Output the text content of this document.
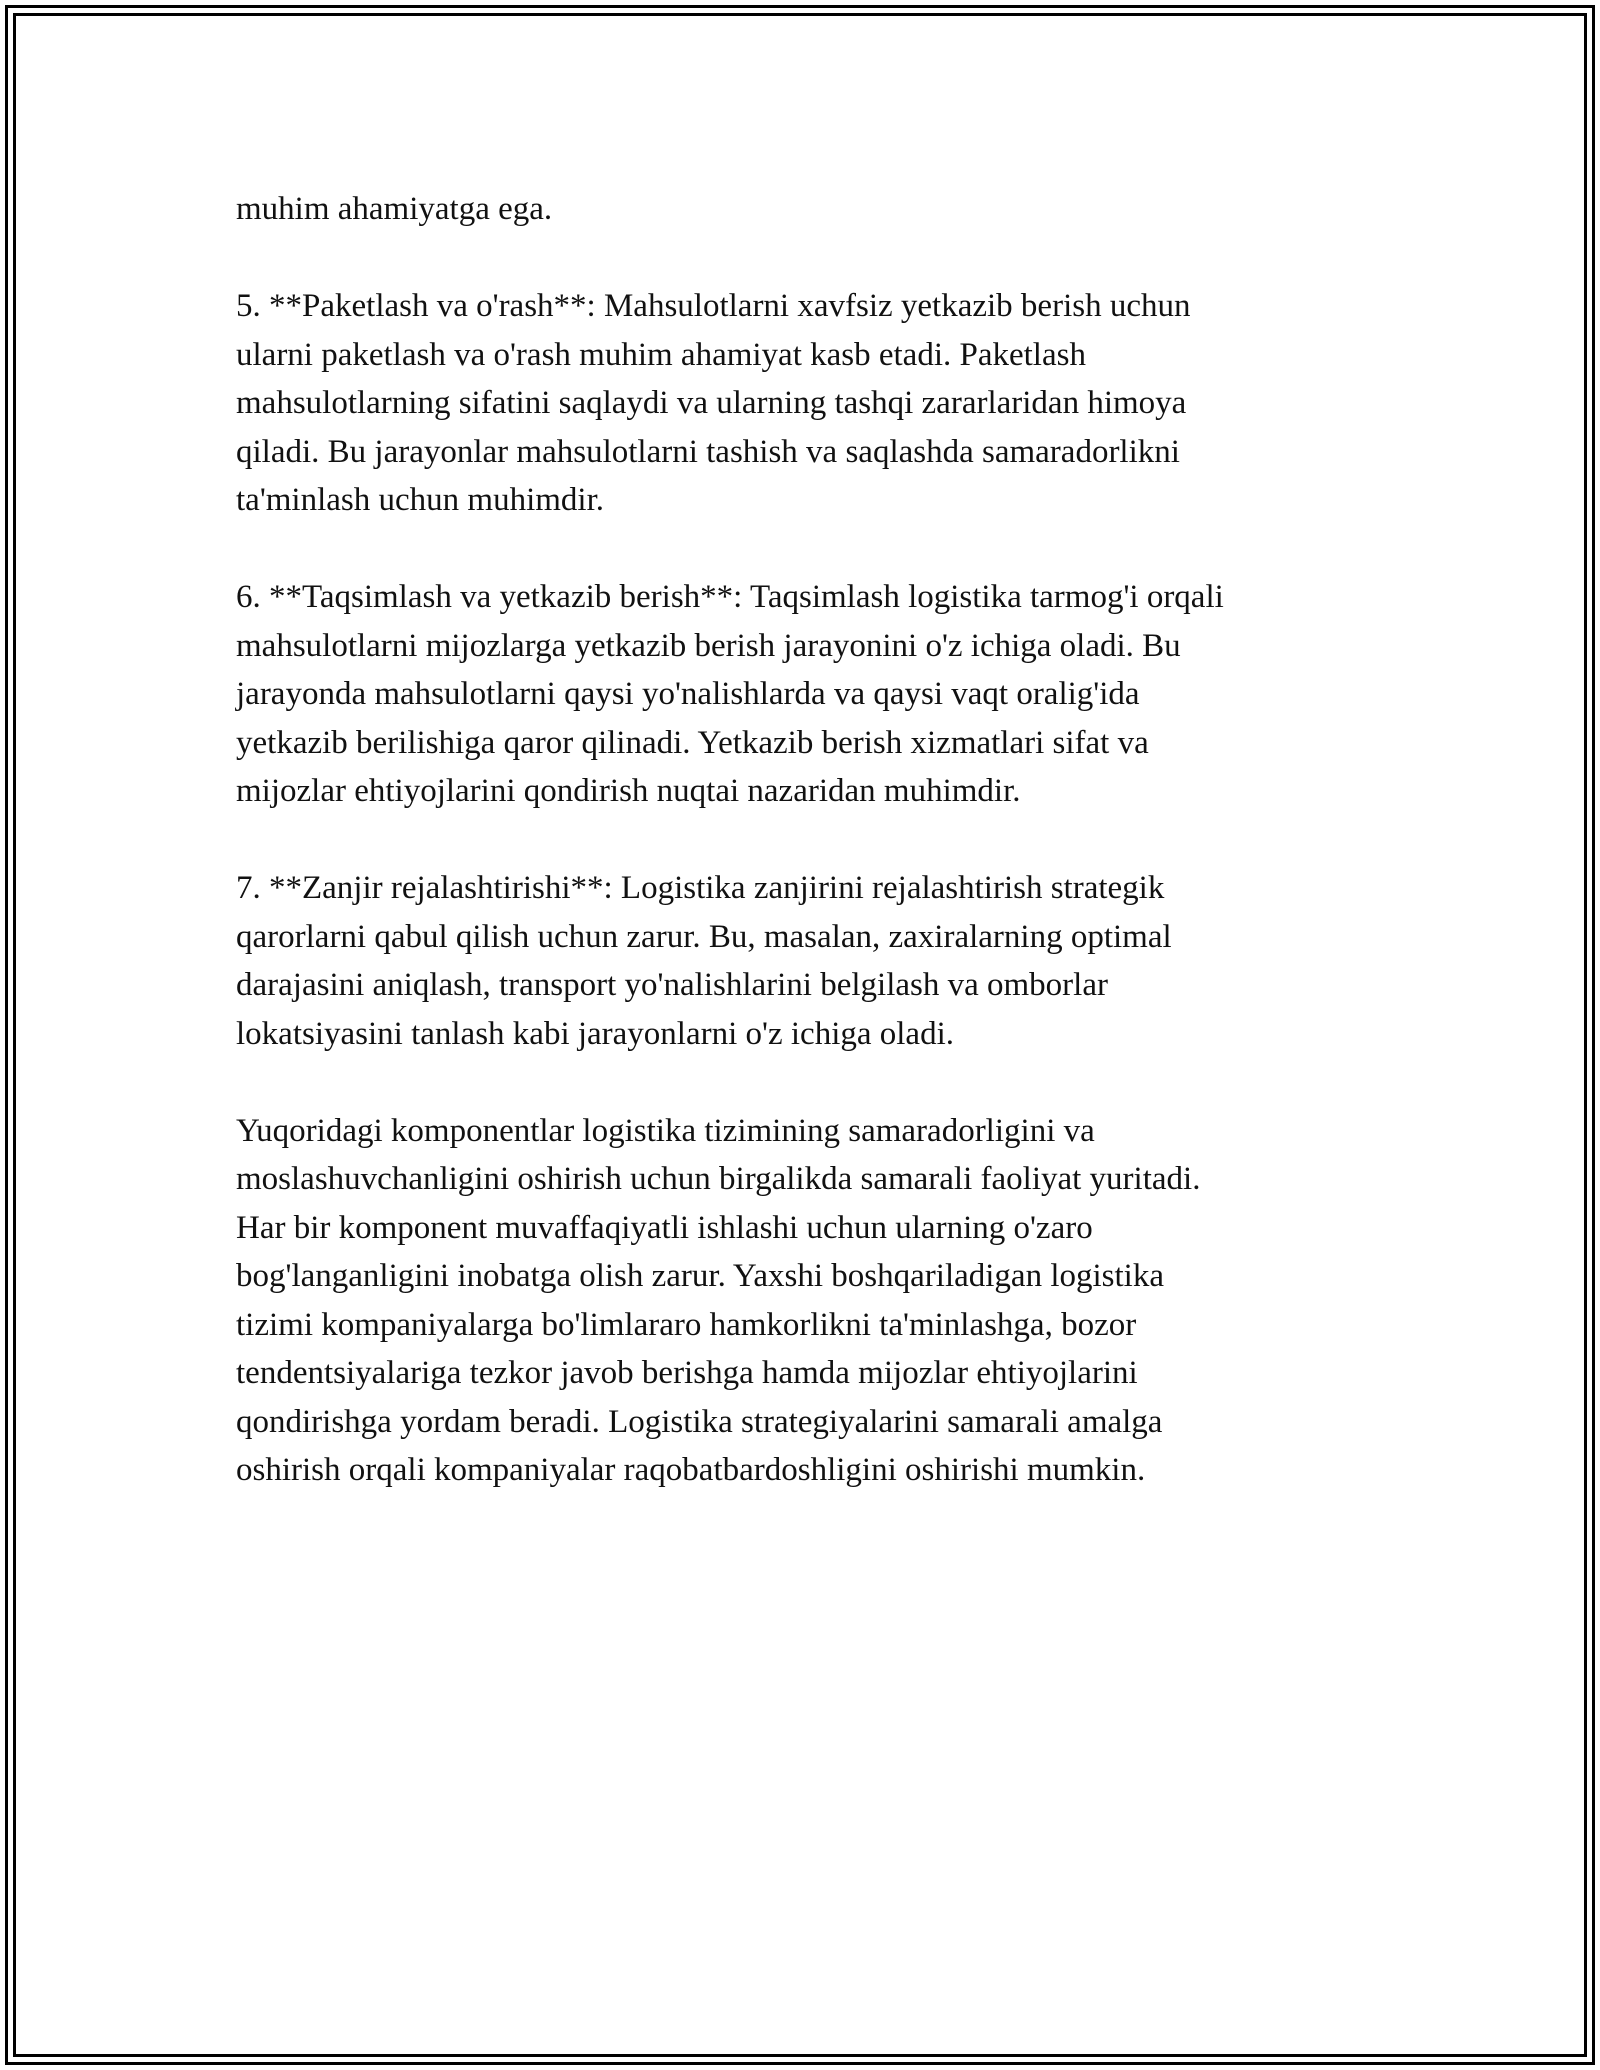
muhim ahamiyatga ega.

5. **Paketlash va o'rash**: Mahsulotlarni xavfsiz yetkazib berish uchun
ularni paketlash va o'rash muhim ahamiyat kasb etadi. Paketlash
mahsulotlarning sifatini saqlaydi va ularning tashqi zararlaridan himoya
qiladi. Bu jarayonlar mahsulotlarni tashish va saqlashda samaradorlikni
ta'minlash uchun muhimdir.

6. **Taqsimlash va yetkazib berish**: Taqsimlash logistika tarmog'i orqali
mahsulotlarni mijozlarga yetkazib berish jarayonini o'z ichiga oladi. Bu
jarayonda mahsulotlarni qaysi yo'nalishlarda va qaysi vaqt oralig'ida
yetkazib berilishiga qaror qilinadi. Yetkazib berish xizmatlari sifat va
mijozlar ehtiyojlarini qondirish nuqtai nazaridan muhimdir.

7. **Zanjir rejalashtirishi**: Logistika zanjirini rejalashtirish strategik
qarorlarni qabul qilish uchun zarur. Bu, masalan, zaxiralarning optimal
darajasini aniqlash, transport yo'nalishlarini belgilash va omborlar
lokatsiyasini tanlash kabi jarayonlarni o'z ichiga oladi.

Yuqoridagi komponentlar logistika tizimining samaradorligini va
moslashuvchanligini oshirish uchun birgalikda samarali faoliyat yuritadi.
Har bir komponent muvaffaqiyatli ishlashi uchun ularning o'zaro
bog'langanligini inobatga olish zarur. Yaxshi boshqariladigan logistika
tizimi kompaniyalarga bo'limlararo hamkorlikni ta'minlashga, bozor
tendentsiyalariga tezkor javob berishga hamda mijozlar ehtiyojlarini
qondirishga yordam beradi. Logistika strategiyalarini samarali amalga
oshirish orqali kompaniyalar raqobatbardoshligini oshirishi mumkin.
